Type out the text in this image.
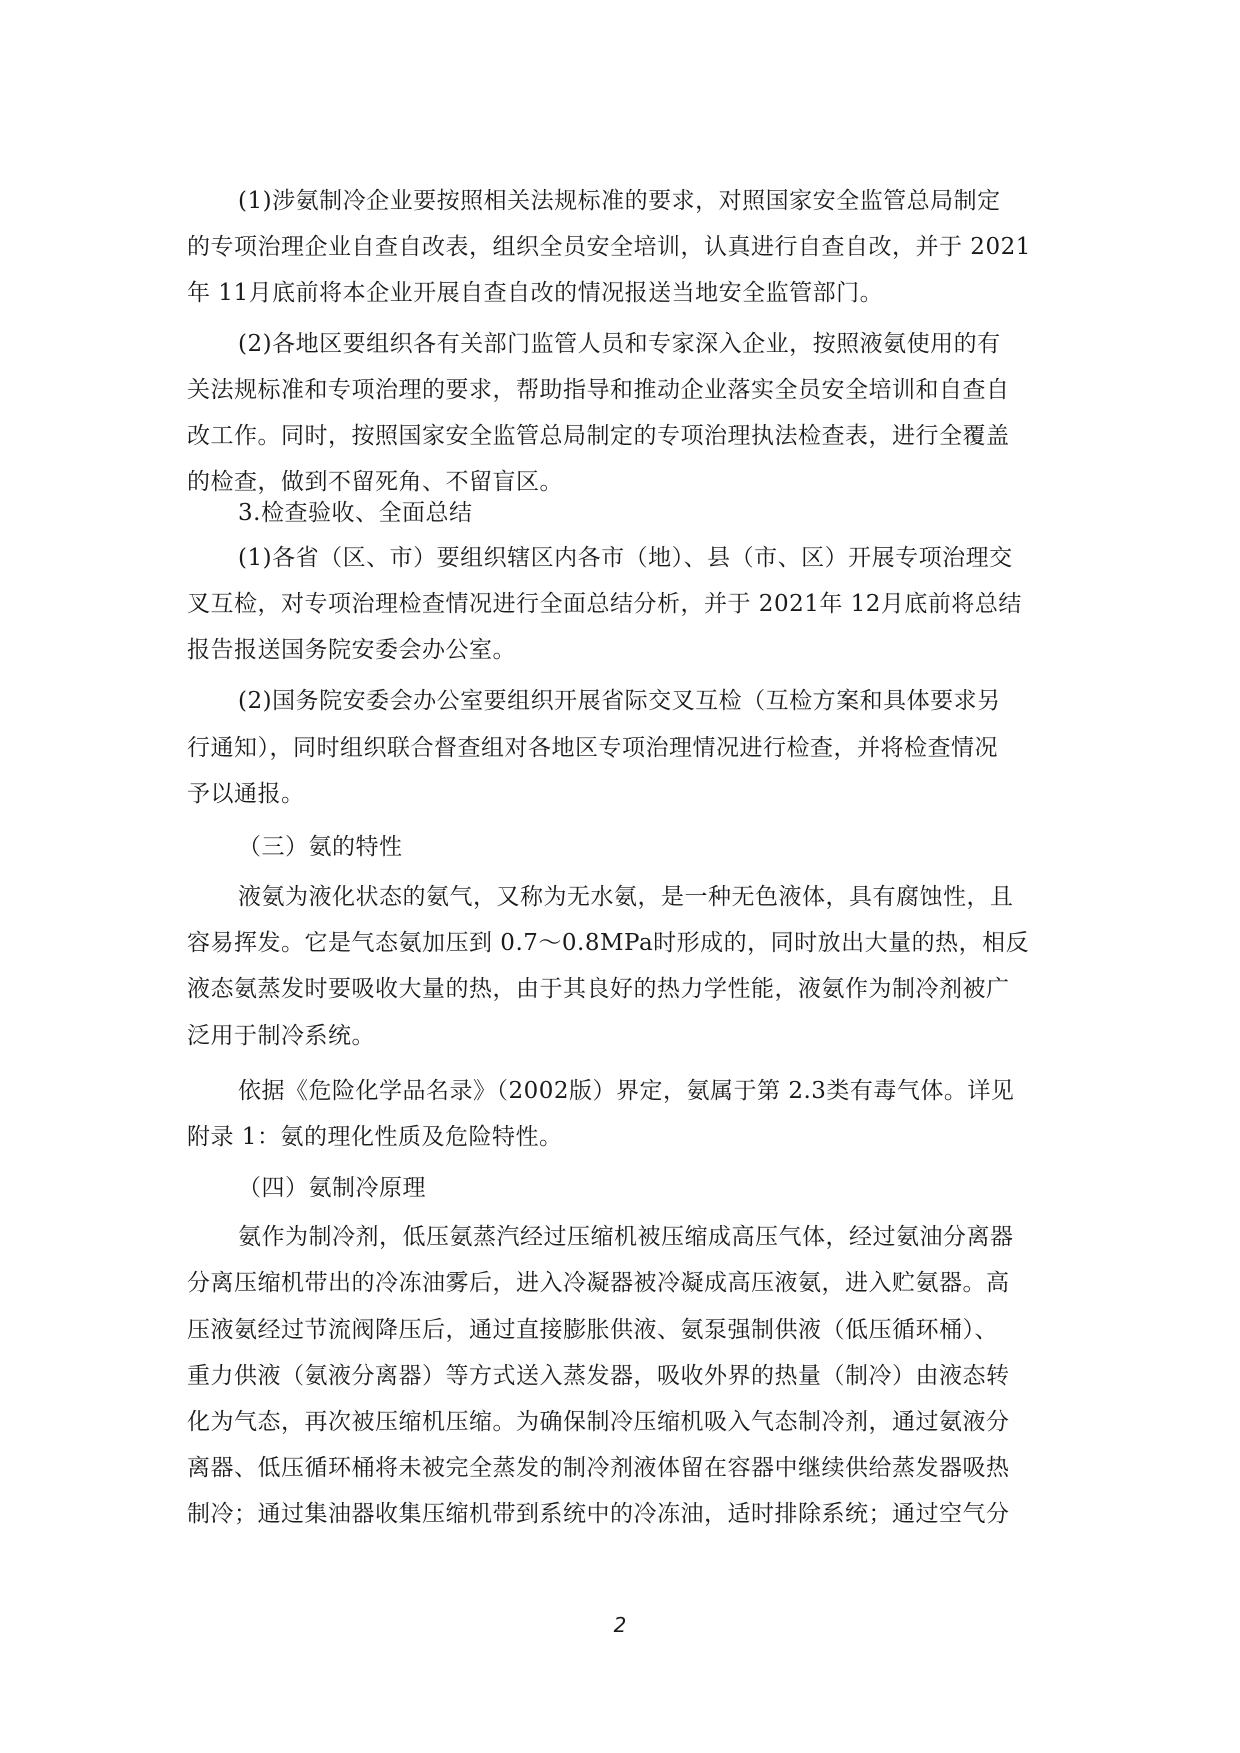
(1)涉氨制冷企业要按照相关法规标准的要求，对照国家安全监管总局制定
的专项治理企业自查自改表，组织全员安全培训，认真进行自查自改，并于 2021
年 11月底前将本企业开展自查自改的情况报送当地安全监管部门。
(2)各地区要组织各有关部门监管人员和专家深入企业，按照液氨使用的有
关法规标准和专项治理的要求，帮助指导和推动企业落实全员安全培训和自查自
改工作。同时，按照国家安全监管总局制定的专项治理执法检查表，进行全覆盖
的检查，做到不留死角、不留盲区。
3.检查验收、全面总结
(1)各省（区、市）要组织辖区内各市（地）、县（市、区）开展专项治理交
叉互检，对专项治理检查情况进行全面总结分析，并于 2021年 12月底前将总结
报告报送国务院安委会办公室。
(2)国务院安委会办公室要组织开展省际交叉互检（互检方案和具体要求另
行通知），同时组织联合督查组对各地区专项治理情况进行检查，并将检查情况
予以通报。
（三）氨的特性
液氨为液化状态的氨气，又称为无水氨，是一种无色液体，具有腐蚀性，且
容易挥发。它是气态氨加压到 0.7～0.8MPa时形成的，同时放出大量的热，相反
液态氨蒸发时要吸收大量的热，由于其良好的热力学性能，液氨作为制冷剂被广
泛用于制冷系统。
依据《危险化学品名录》（2002版）界定，氨属于第 2.3类有毒气体。详见
附录 1：氨的理化性质及危险特性。
（四）氨制冷原理
氨作为制冷剂，低压氨蒸汽经过压缩机被压缩成高压气体，经过氨油分离器
分离压缩机带出的冷冻油雾后，进入冷凝器被冷凝成高压液氨，进入贮氨器。高
压液氨经过节流阀降压后，通过直接膨胀供液、氨泵强制供液（低压循环桶）、
重力供液（氨液分离器）等方式送入蒸发器，吸收外界的热量（制冷）由液态转
化为气态，再次被压缩机压缩。为确保制冷压缩机吸入气态制冷剂，通过氨液分
离器、低压循环桶将未被完全蒸发的制冷剂液体留在容器中继续供给蒸发器吸热
制冷；通过集油器收集压缩机带到系统中的冷冻油，适时排除系统；通过空气分
2
